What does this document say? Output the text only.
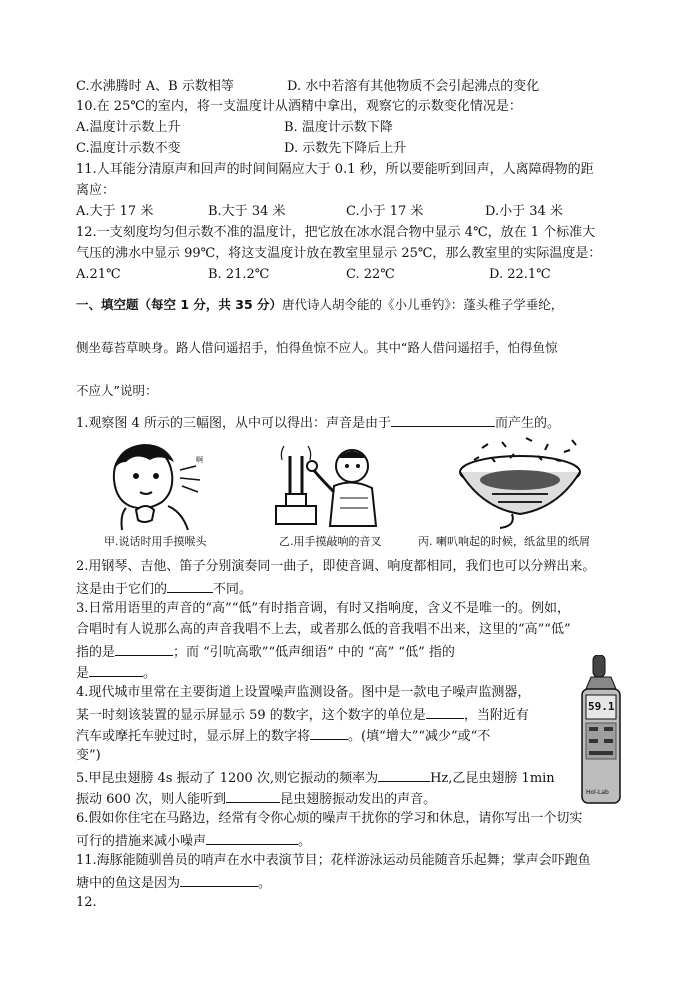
C.水沸腾时 A、B 示数相等	D. 水中若溶有其他物质不会引起沸点的变化
10.在 25℃的室内，将一支温度计从酒精中拿出，观察它的示数变化情况是：
A.温度计示数上升	B. 温度计示数下降
C.温度计示数不变	D. 示数先下降后上升
11.人耳能分清原声和回声的时间间隔应大于 0.1 秒，所以要能听到回声，人离障碍物的距
离应：
A.大于 17 米	B.大于 34 米	C.小于 17 米	D.小于 34 米
12.一支刻度均匀但示数不准的温度计，把它放在冰水混合物中显示 4℃，放在 1 个标准大
气压的沸水中显示 99℃，将这支温度计放在教室里显示 25℃，那么教室里的实际温度是：
A.21℃	B. 21.2℃	C. 22℃	D. 22.1℃
一、填空题（每空 1 分，共 35 分）唐代诗人胡令能的《小儿垂钓》：蓬头稚子学垂纶，
侧坐莓苔草映身。路人借问遥招手，怕得鱼惊不应人。其中“路人借问遥招手，怕得鱼惊
不应人”说明：
1.观察图 4 所示的三幅图，从中可以得出：声音是由于	而产生的。
啊
甲.说话时用手摸喉头	乙.用手摸敲响的音叉	丙. 喇叭响起的时候，纸盆里的纸屑
2.用钢琴、吉他、笛子分别演奏同一曲子，即使音调、响度都相同，我们也可以分辨出来。
这是由于它们的	不同。
3.日常用语里的声音的“高”“低”有时指音调，有时又指响度，含义不是唯一的。例如，
合唱时有人说那么高的声音我唱不上去，或者那么低的音我唱不出来，这里的“高”“低”
指的是	；而 “引吭高歌”“低声细语” 中的 “高” “低” 指的
是	。
59.1
Hol-Lab
4.现代城市里常在主要街道上设置噪声监测设备。图中是一款电子噪声监测器，
某一时刻该装置的显示屏显示 59 的数字，这个数字的单位是	，当附近有
汽车或摩托车驶过时，显示屏上的数字将	。(填“增大”“减少”或“不
变”)
5.甲昆虫翅膀 4s 振动了 1200 次,则它振动的频率为	Hz,乙昆虫翅膀 1min
振动 600 次，则人能听到	昆虫翅膀振动发出的声音。
6.假如你住宅在马路边，经常有令你心烦的噪声干扰你的学习和休息，请你写出一个切实
可行的措施来减小噪声	。
11.海豚能随驯兽员的哨声在水中表演节目；花样游泳运动员能随音乐起舞；掌声会吓跑鱼
塘中的鱼这是因为	。
12.
